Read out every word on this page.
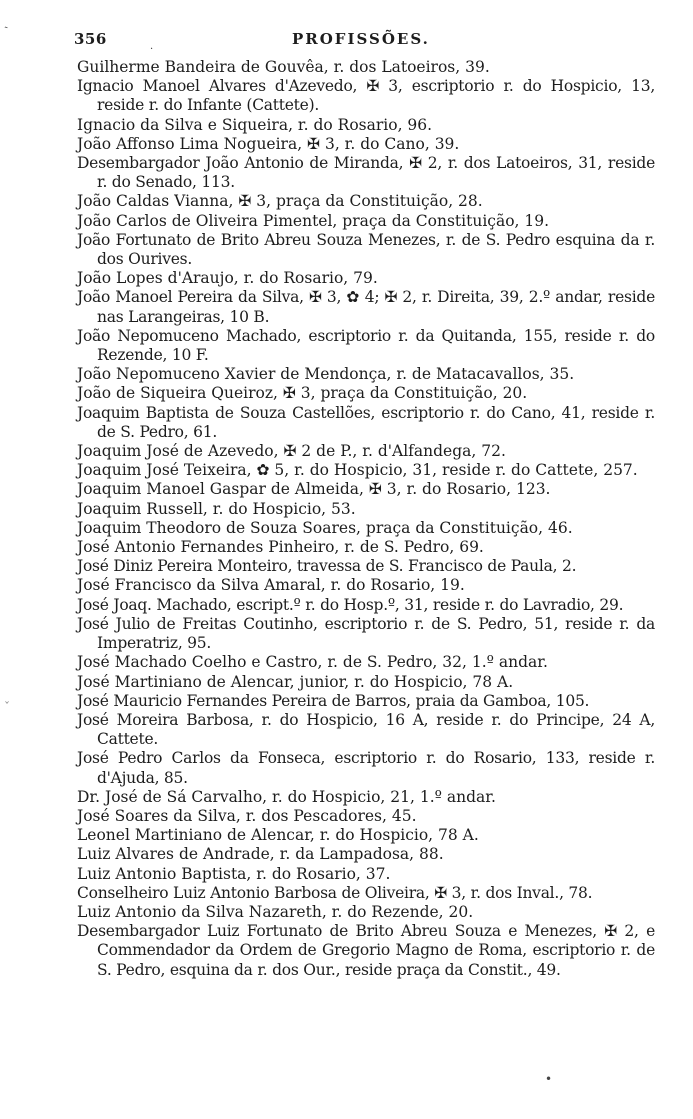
356	PROFISSÕES.
ˋ
·
ˇ
•
Guilherme Bandeira de Gouvêa, r. dos Latoeiros, 39.
Ignacio Manoel Alvares d'Azevedo, ✠ 3, escriptorio r. do Hospicio, 13, reside r. do Infante (Cattete).
Ignacio da Silva e Siqueira, r. do Rosario, 96.
João Affonso Lima Nogueira, ✠ 3, r. do Cano, 39.
Desembargador João Antonio de Miranda, ✠ 2, r. dos Latoeiros, 31, reside r. do Senado, 113.
João Caldas Vianna, ✠ 3, praça da Constituição, 28.
João Carlos de Oliveira Pimentel, praça da Constituição, 19.
João Fortunato de Brito Abreu Souza Menezes, r. de S. Pedro esquina da r. dos Ourives.
João Lopes d'Araujo, r. do Rosario, 79.
João Manoel Pereira da Silva, ✠ 3, ✿ 4; ✠ 2, r. Direita, 39, 2.º andar, reside nas Larangeiras, 10 B.
João Nepomuceno Machado, escriptorio r. da Quitanda, 155, reside r. do Rezende, 10 F.
João Nepomuceno Xavier de Mendonça, r. de Matacavallos, 35.
João de Siqueira Queiroz, ✠ 3, praça da Constituição, 20.
Joaquim Baptista de Souza Castellões, escriptorio r. do Cano, 41, reside r. de S. Pedro, 61.
Joaquim José de Azevedo, ✠ 2 de P., r. d'Alfandega, 72.
Joaquim José Teixeira, ✿ 5, r. do Hospicio, 31, reside r. do Cattete, 257.
Joaquim Manoel Gaspar de Almeida, ✠ 3, r. do Rosario, 123.
Joaquim Russell, r. do Hospicio, 53.
Joaquim Theodoro de Souza Soares, praça da Constituição, 46.
José Antonio Fernandes Pinheiro, r. de S. Pedro, 69.
José Diniz Pereira Monteiro, travessa de S. Francisco de Paula, 2.
José Francisco da Silva Amaral, r. do Rosario, 19.
José Joaq. Machado, escript.º r. do Hosp.º, 31, reside r. do Lavradio, 29.
José Julio de Freitas Coutinho, escriptorio r. de S. Pedro, 51, reside r. da Imperatriz, 95.
José Machado Coelho e Castro, r. de S. Pedro, 32, 1.º andar.
José Martiniano de Alencar, junior, r. do Hospicio, 78 A.
José Mauricio Fernandes Pereira de Barros, praia da Gamboa, 105.
José Moreira Barbosa, r. do Hospicio, 16 A, reside r. do Principe, 24 A, Cattete.
José Pedro Carlos da Fonseca, escriptorio r. do Rosario, 133, reside r. d'Ajuda, 85.
Dr. José de Sá Carvalho, r. do Hospicio, 21, 1.º andar.
José Soares da Silva, r. dos Pescadores, 45.
Leonel Martiniano de Alencar, r. do Hospicio, 78 A.
Luiz Alvares de Andrade, r. da Lampadosa, 88.
Luiz Antonio Baptista, r. do Rosario, 37.
Conselheiro Luiz Antonio Barbosa de Oliveira, ✠ 3, r. dos Inval., 78.
Luiz Antonio da Silva Nazareth, r. do Rezende, 20.
Desembargador Luiz Fortunato de Brito Abreu Souza e Menezes, ✠ 2, e Commendador da Ordem de Gregorio Magno de Roma, escriptorio r. de S. Pedro, esquina da r. dos Our., reside praça da Constit., 49.
